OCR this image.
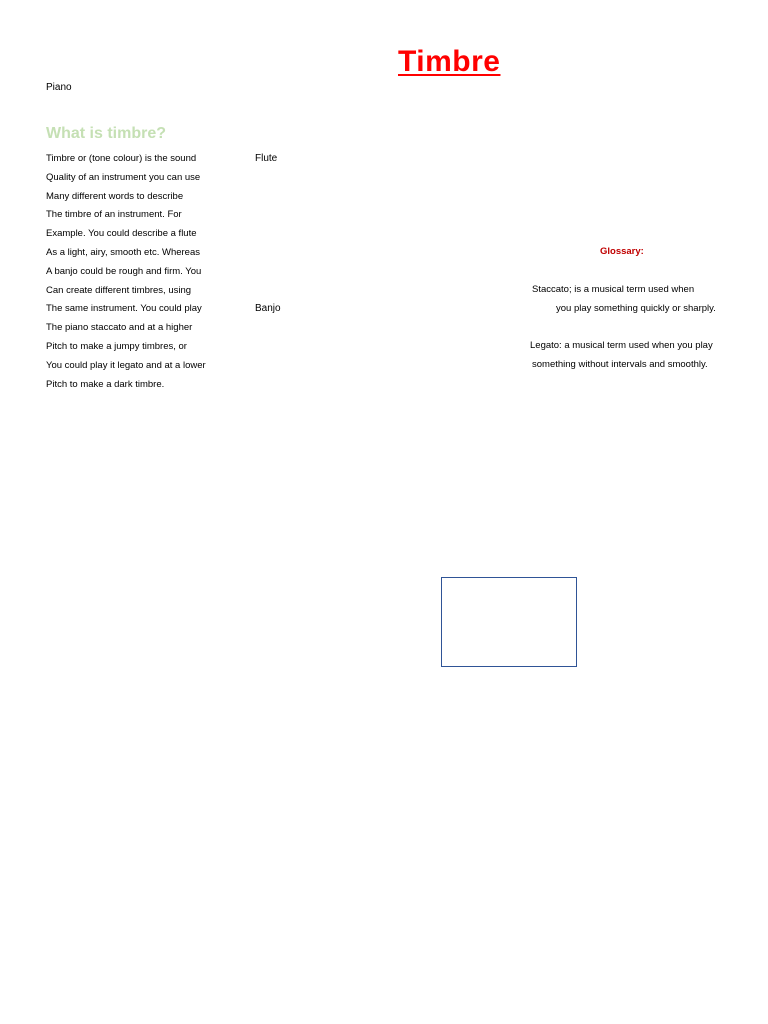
Timbre
Piano
What is timbre?
Timbre or (tone colour) is the sound
Quality of an instrument you can use
Many different words to describe
The timbre of an instrument. For
Example. You could describe a flute
As a light, airy, smooth etc. Whereas
A banjo could be rough and firm. You
Can create different timbres, using
The same instrument. You could play
The piano staccato and at a higher
Pitch to make a jumpy timbres, or
You could play it legato and at a lower
Pitch to make a dark timbre.
Flute
Banjo
Glossary:
Staccato; is a musical term used when
you play something quickly or sharply.
Legato: a musical term used when you play
something without intervals and smoothly.
